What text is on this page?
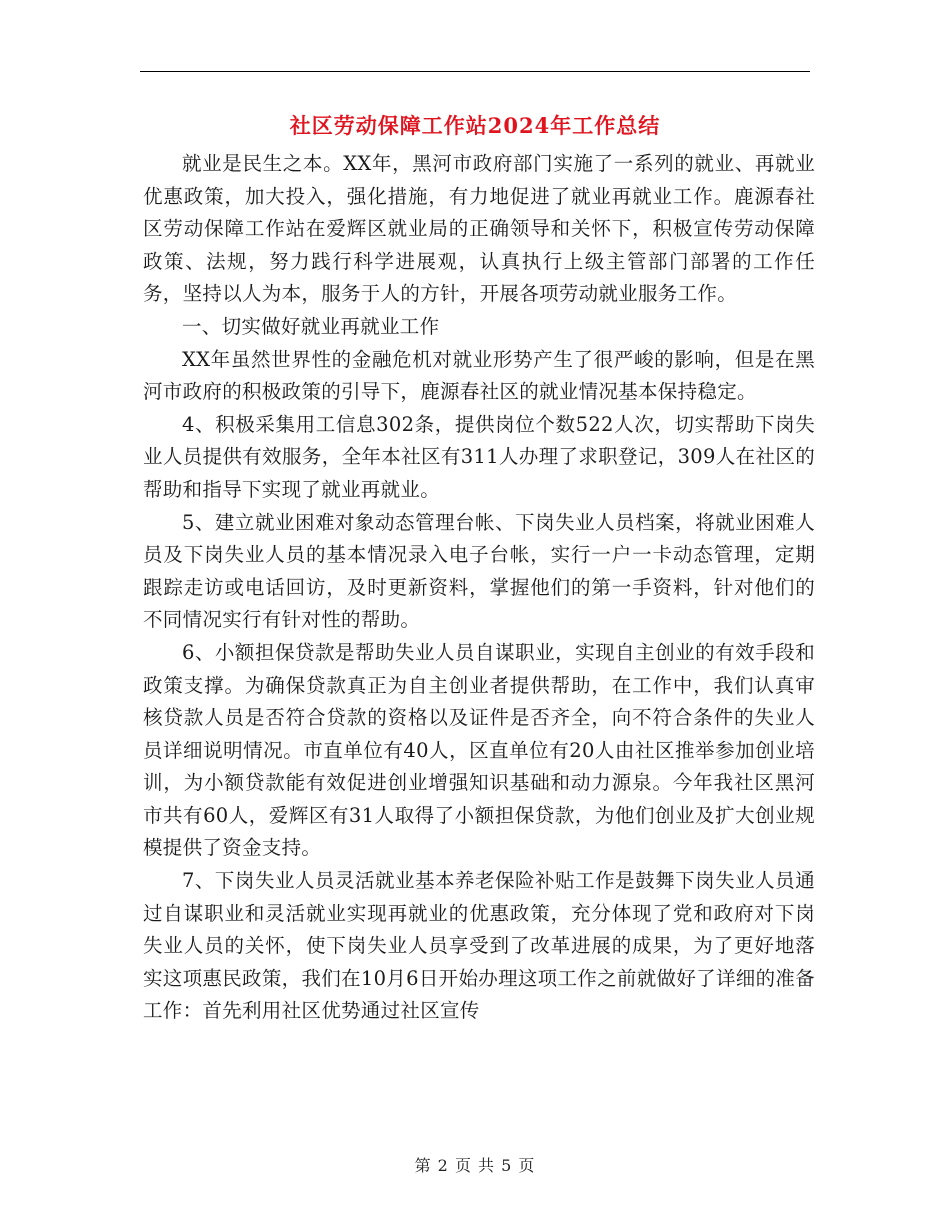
社区劳动保障工作站2024年工作总结

就业是民生之本。XX年，黑河市政府部门实施了一系列的就业、再就业优惠政策，加大投入，强化措施，有力地促进了就业再就业工作。鹿源春社区劳动保障工作站在爱辉区就业局的正确领导和关怀下，积极宣传劳动保障政策、法规，努力践行科学进展观，认真执行上级主管部门部署的工作任务，坚持以人为本，服务于人的方针，开展各项劳动就业服务工作。

一、切实做好就业再就业工作

XX年虽然世界性的金融危机对就业形势产生了很严峻的影响，但是在黑河市政府的积极政策的引导下，鹿源春社区的就业情况基本保持稳定。

4、积极采集用工信息302条，提供岗位个数522人次，切实帮助下岗失业人员提供有效服务，全年本社区有311人办理了求职登记，309人在社区的帮助和指导下实现了就业再就业。

5、建立就业困难对象动态管理台帐、下岗失业人员档案，将就业困难人员及下岗失业人员的基本情况录入电子台帐，实行一户一卡动态管理，定期跟踪走访或电话回访，及时更新资料，掌握他们的第一手资料，针对他们的不同情况实行有针对性的帮助。

6、小额担保贷款是帮助失业人员自谋职业，实现自主创业的有效手段和政策支撑。为确保贷款真正为自主创业者提供帮助，在工作中，我们认真审核贷款人员是否符合贷款的资格以及证件是否齐全，向不符合条件的失业人员详细说明情况。市直单位有40人，区直单位有20人由社区推举参加创业培训，为小额贷款能有效促进创业增强知识基础和动力源泉。今年我社区黑河市共有60人，爱辉区有31人取得了小额担保贷款，为他们创业及扩大创业规模提供了资金支持。

7、下岗失业人员灵活就业基本养老保险补贴工作是鼓舞下岗失业人员通过自谋职业和灵活就业实现再就业的优惠政策，充分体现了党和政府对下岗失业人员的关怀，使下岗失业人员享受到了改革进展的成果，为了更好地落实这项惠民政策，我们在10月6日开始办理这项工作之前就做好了详细的准备工作：首先利用社区优势通过社区宣传

第 2 页 共 5 页
